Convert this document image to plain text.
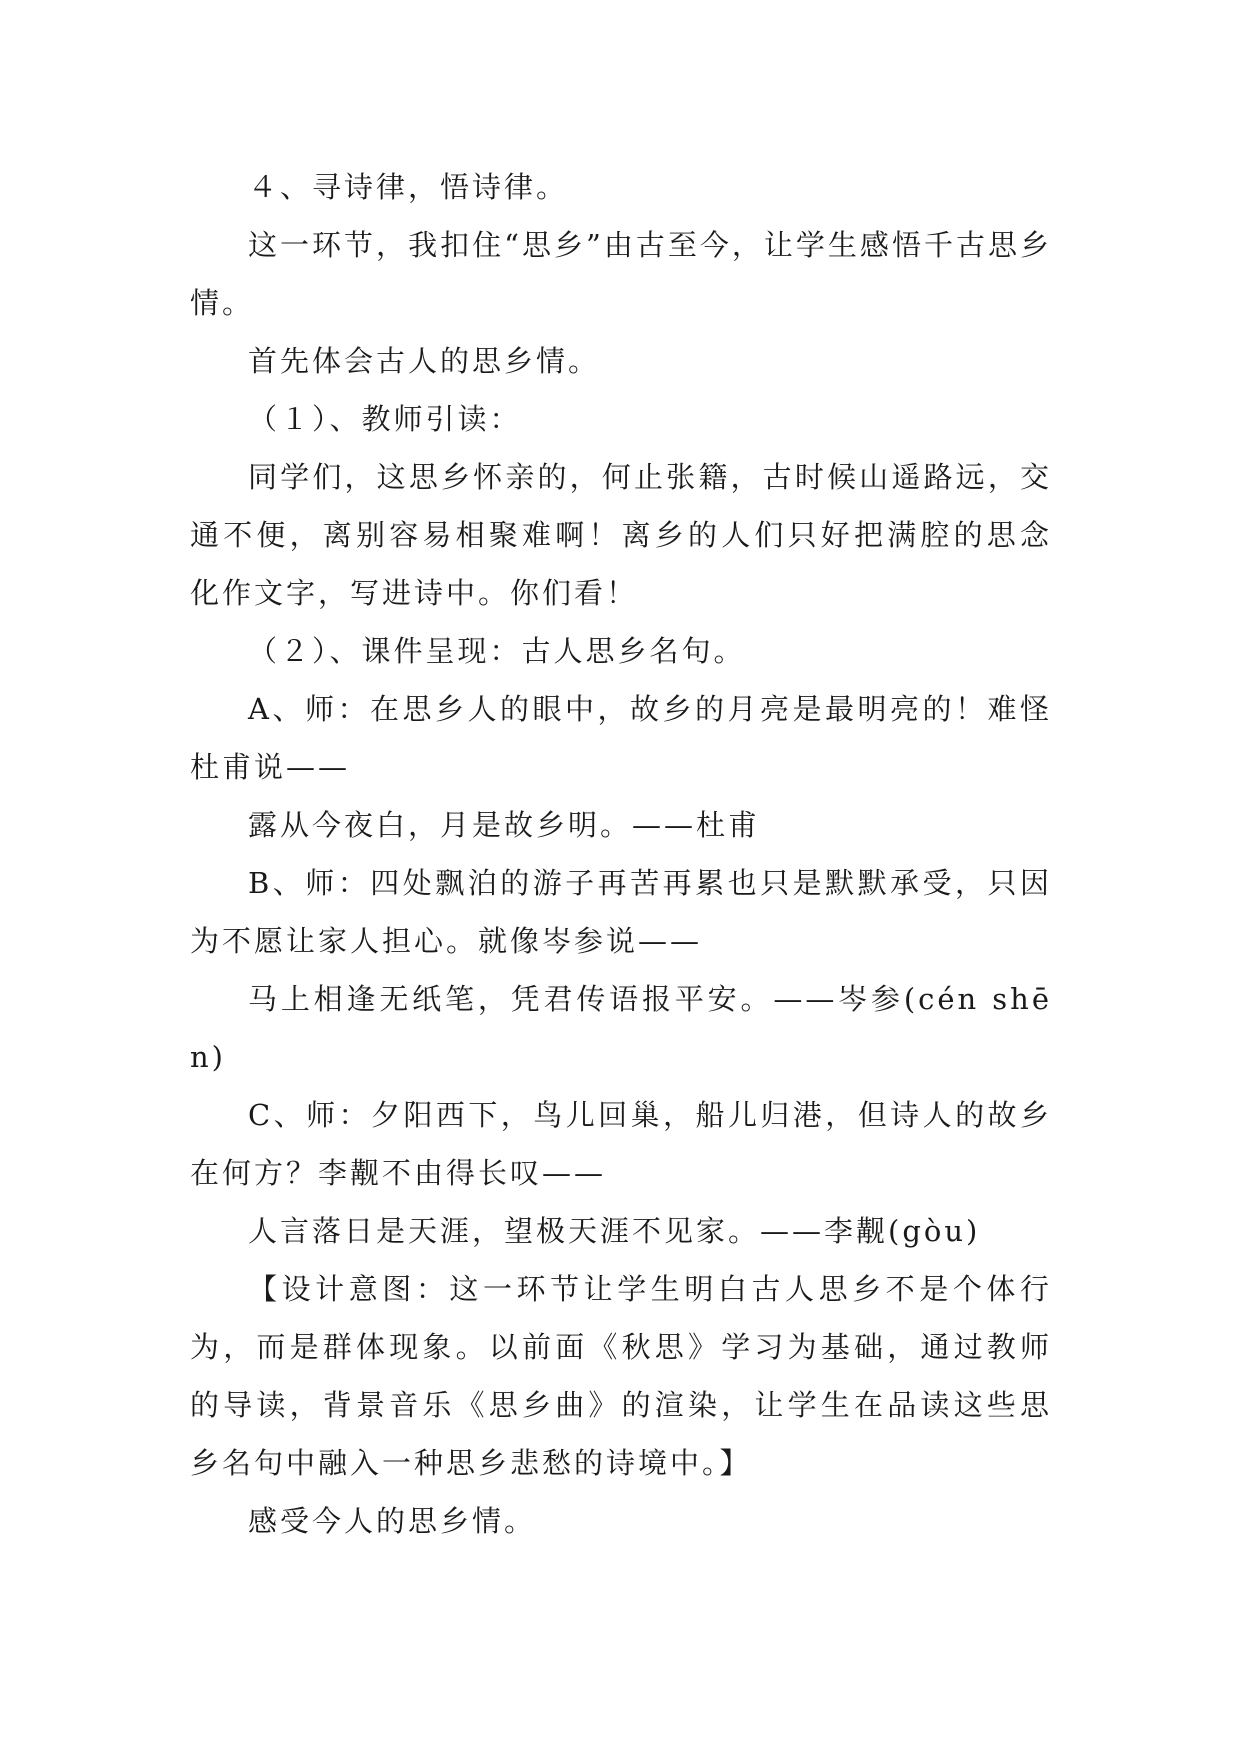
４、寻诗律，悟诗律。

这一环节，我扣住“思乡”由古至今，让学生感悟千古思乡情。

首先体会古人的思乡情。

（１）、教师引读：

同学们，这思乡怀亲的，何止张籍，古时候山遥路远，交通不便，离别容易相聚难啊！离乡的人们只好把满腔的思念化作文字，写进诗中。你们看！

（２）、课件呈现：古人思乡名句。

A、师：在思乡人的眼中，故乡的月亮是最明亮的！难怪杜甫说——

露从今夜白，月是故乡明。——杜甫

B、师：四处飘泊的游子再苦再累也只是默默承受，只因为不愿让家人担心。就像岑参说——

马上相逢无纸笔，凭君传语报平安。——岑参(cén shēn)

C、师：夕阳西下，鸟儿回巢，船儿归港，但诗人的故乡在何方？李觏不由得长叹——

人言落日是天涯，望极天涯不见家。——李觏(gòu)

【设计意图：这一环节让学生明白古人思乡不是个体行为，而是群体现象。以前面《秋思》学习为基础，通过教师的导读，背景音乐《思乡曲》的渲染，让学生在品读这些思乡名句中融入一种思乡悲愁的诗境中。】

感受今人的思乡情。
